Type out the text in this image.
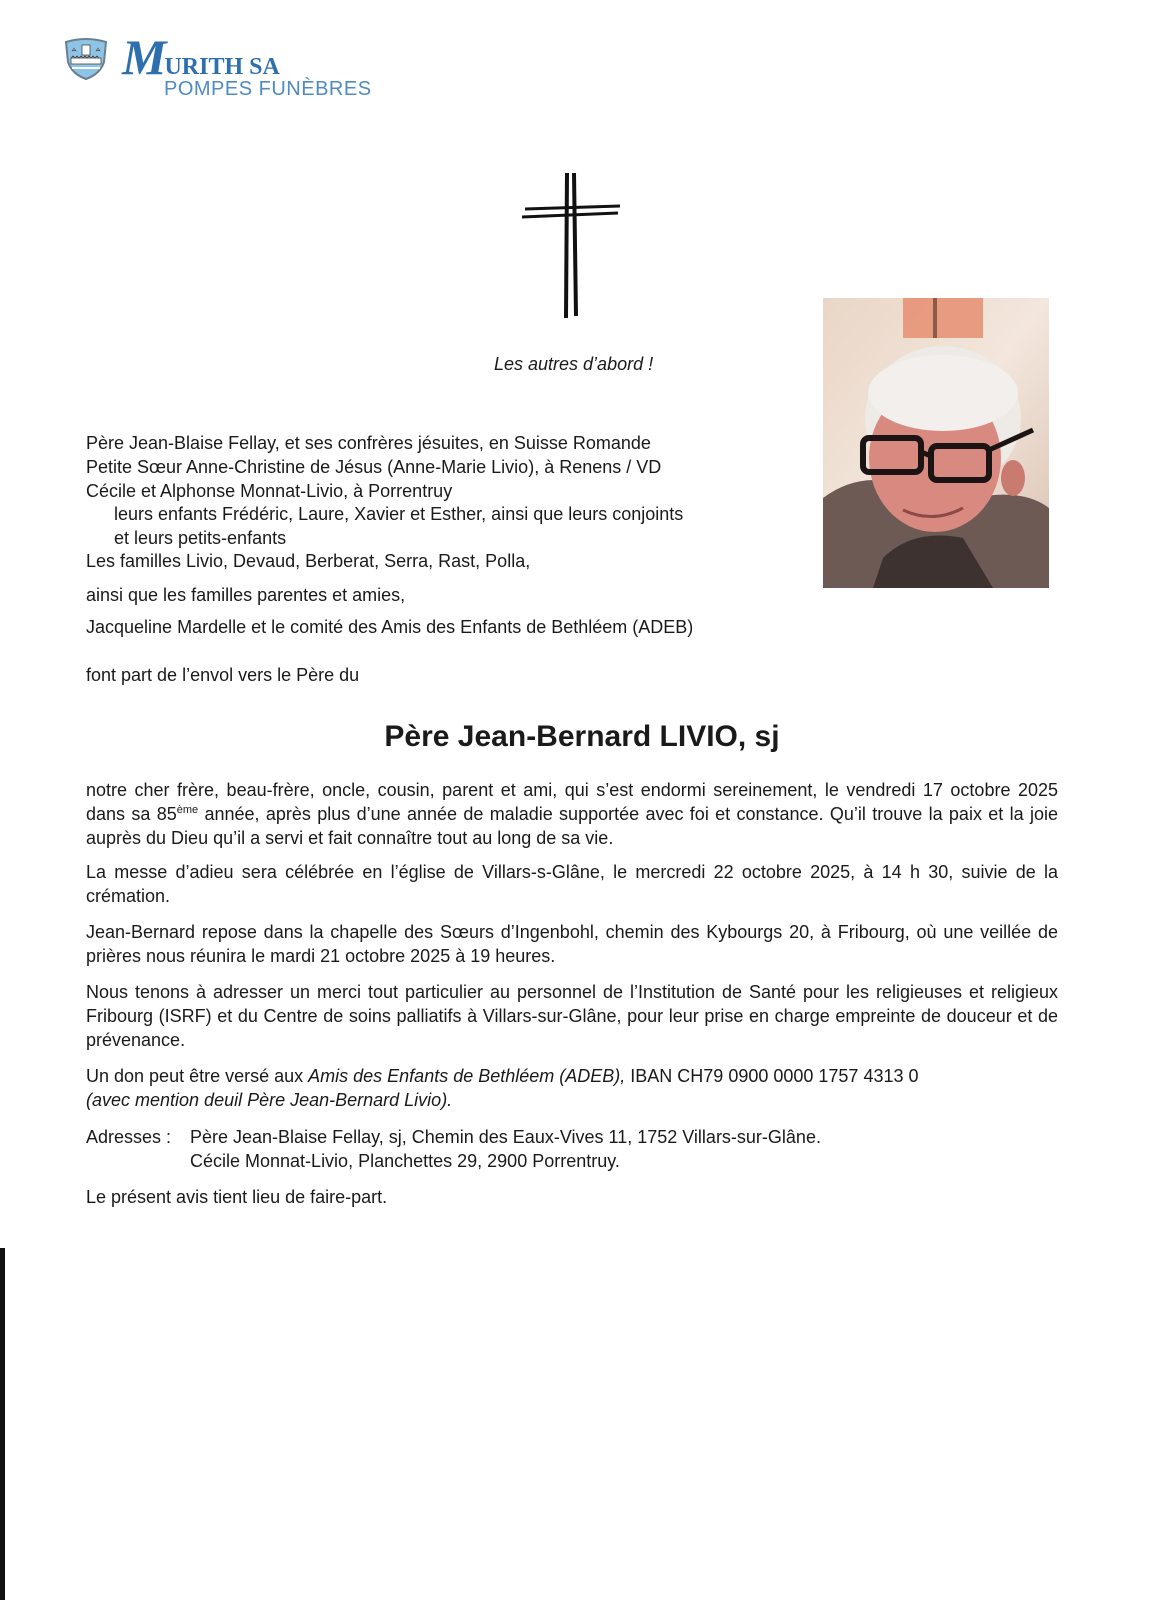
MURITH SA
POMPES FUNÈBRES
Les autres d’abord !
Père Jean-Blaise Fellay, et ses confrères jésuites, en Suisse Romande
Petite Sœur Anne-Christine de Jésus (Anne-Marie Livio), à Renens / VD
Cécile et Alphonse Monnat-Livio, à Porrentruy
leurs enfants Frédéric, Laure, Xavier et Esther, ainsi que leurs conjoints
et leurs petits-enfants
Les familles Livio, Devaud, Berberat, Serra, Rast, Polla,
ainsi que les familles parentes et amies,
Jacqueline Mardelle et le comité des Amis des Enfants de Bethléem (ADEB)
font part de l’envol vers le Père du
Père Jean-Bernard LIVIO, sj
notre cher frère, beau-frère, oncle, cousin, parent et ami, qui s’est endormi sereinement, le vendredi 17 octobre 2025 dans sa 85ème année, après plus d’une année de maladie supportée avec foi et constance. Qu’il trouve la paix et la joie auprès du Dieu qu’il a servi et fait connaître tout au long de sa vie.
La messe d’adieu sera célébrée en l’église de Villars-s-Glâne, le mercredi 22 octobre 2025, à 14 h 30, suivie de la crémation.
Jean-Bernard repose dans la chapelle des Sœurs d’Ingenbohl, chemin des Kybourgs 20, à Fribourg, où une veillée de prières nous réunira le mardi 21 octobre 2025 à 19 heures.
Nous tenons à adresser un merci tout particulier au personnel de l’Institution de Santé pour les religieuses et religieux Fribourg (ISRF) et du Centre de soins palliatifs à Villars-sur-Glâne, pour leur prise en charge empreinte de douceur et de prévenance.
Un don peut être versé aux Amis des Enfants de Bethléem (ADEB), IBAN CH79 0900 0000 1757 4313 0
(avec mention deuil Père Jean-Bernard Livio).
Adresses : Père Jean-Blaise Fellay, sj, Chemin des Eaux-Vives 11, 1752 Villars-sur-Glâne.
Cécile Monnat-Livio, Planchettes 29, 2900 Porrentruy.
Le présent avis tient lieu de faire-part.
